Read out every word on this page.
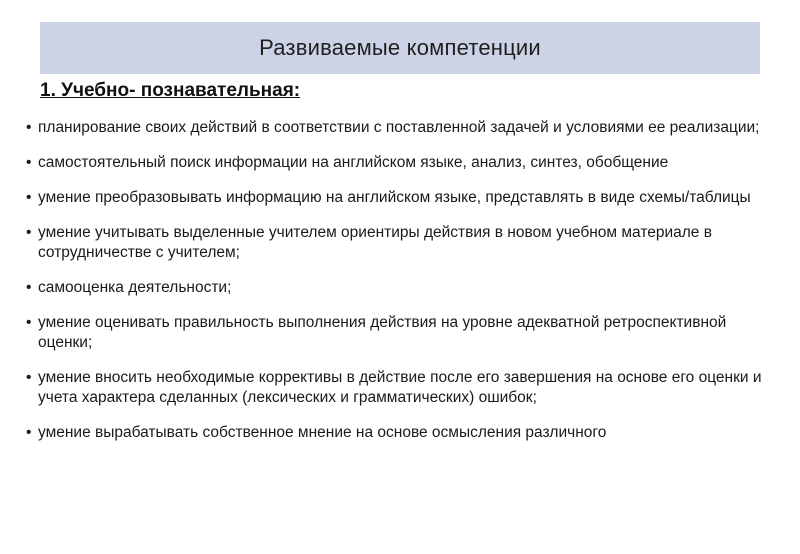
Развиваемые компетенции
1. Учебно- познавательная:
• планирование своих действий в соответствии с поставленной задачей и условиями ее реализации;
• самостоятельный поиск информации на английском языке, анализ, синтез, обобщение
• умение преобразовывать информацию на английском языке, представлять в виде схемы/таблицы
• умение учитывать выделенные учителем ориентиры действия в новом учебном материале в сотрудничестве с учителем;
• самооценка деятельности;
• умение оценивать правильность выполнения действия на уровне адекватной ретроспективной оценки;
• умение вносить необходимые коррективы в действие после его завершения на основе его оценки и учета характера сделанных (лексических и грамматических) ошибок;
• умение вырабатывать собственное мнение на основе осмысления различного
